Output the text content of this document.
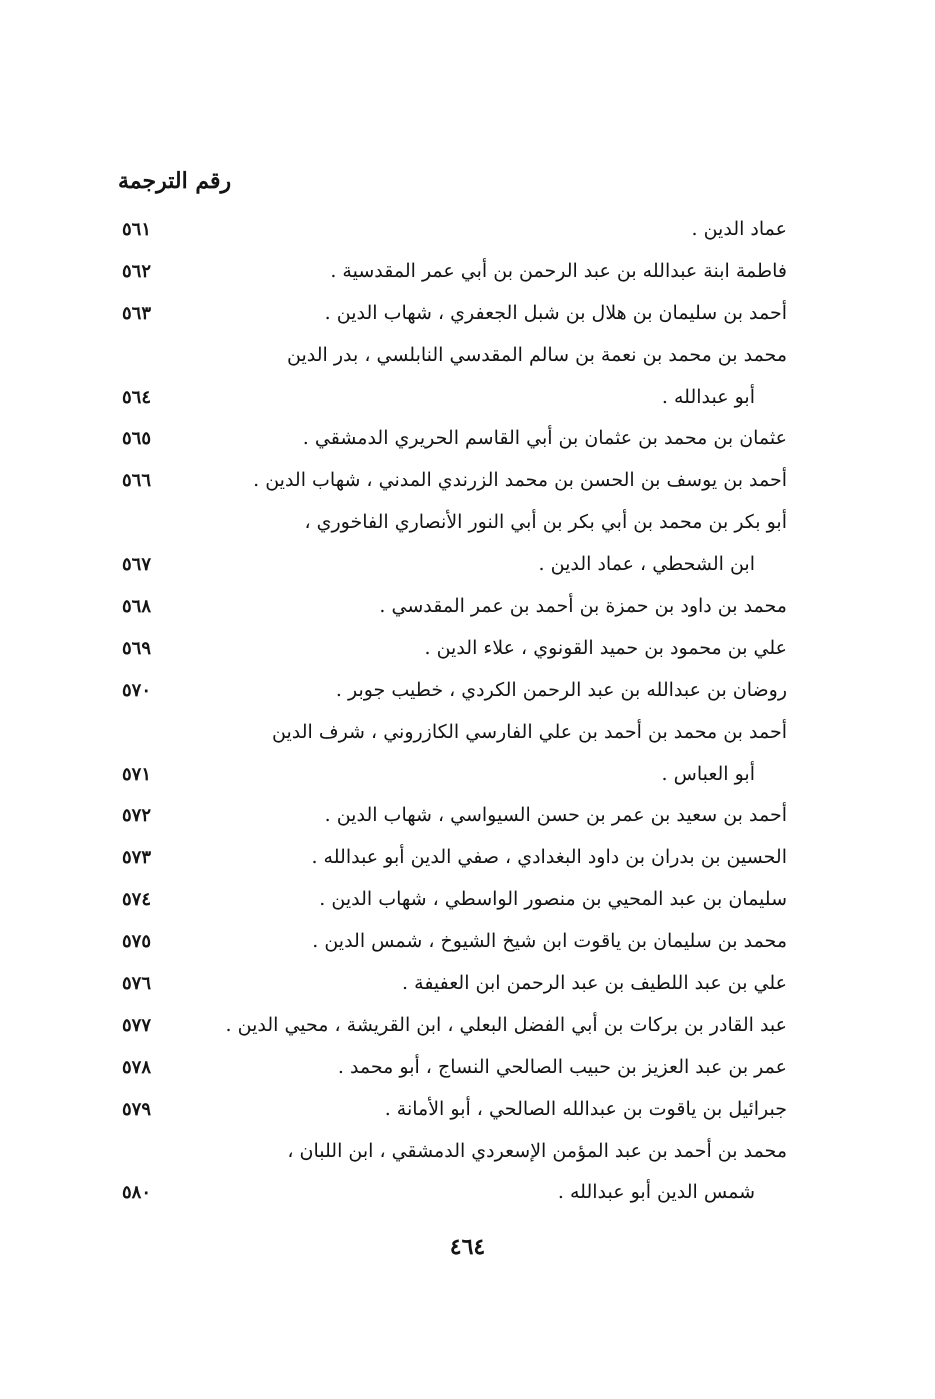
رقم الترجمة
عماد الدين .
٥٦١
فاطمة ابنة عبدالله بن عبد الرحمن بن أبي عمر المقدسية .
٥٦٢
أحمد بن سليمان بن هلال بن شبل الجعفري ، شهاب الدين .
٥٦٣
محمد بن محمد بن نعمة بن سالم المقدسي النابلسي ، بدر الدين
أبو عبدالله .
٥٦٤
عثمان بن محمد بن عثمان بن أبي القاسم الحريري الدمشقي .
٥٦٥
أحمد بن يوسف بن الحسن بن محمد الزرندي المدني ، شهاب الدين .
٥٦٦
أبو بكر بن محمد بن أبي بكر بن أبي النور الأنصاري الفاخوري ،
ابن الشحطي ، عماد الدين .
٥٦٧
محمد بن داود بن حمزة بن أحمد بن عمر المقدسي .
٥٦٨
علي بن محمود بن حميد القونوي ، علاء الدين .
٥٦٩
روضان بن عبدالله بن عبد الرحمن الكردي ، خطيب جوبر .
٥٧٠
أحمد بن محمد بن أحمد بن علي الفارسي الكازروني ، شرف الدين
أبو العباس .
٥٧١
أحمد بن سعيد بن عمر بن حسن السيواسي ، شهاب الدين .
٥٧٢
الحسين بن بدران بن داود البغدادي ، صفي الدين أبو عبدالله .
٥٧٣
سليمان بن عبد المحيي بن منصور الواسطي ، شهاب الدين .
٥٧٤
محمد بن سليمان بن ياقوت ابن شيخ الشيوخ ، شمس الدين .
٥٧٥
علي بن عبد اللطيف بن عبد الرحمن ابن العفيفة .
٥٧٦
عبد القادر بن بركات بن أبي الفضل البعلي ، ابن القريشة ، محيي الدين .
٥٧٧
عمر بن عبد العزيز بن حبيب الصالحي النساج ، أبو محمد .
٥٧٨
جبرائيل بن ياقوت بن عبدالله الصالحي ، أبو الأمانة .
٥٧٩
محمد بن أحمد بن عبد المؤمن الإسعردي الدمشقي ، ابن اللبان ،
شمس الدين أبو عبدالله .
٥٨٠
٤٦٤
